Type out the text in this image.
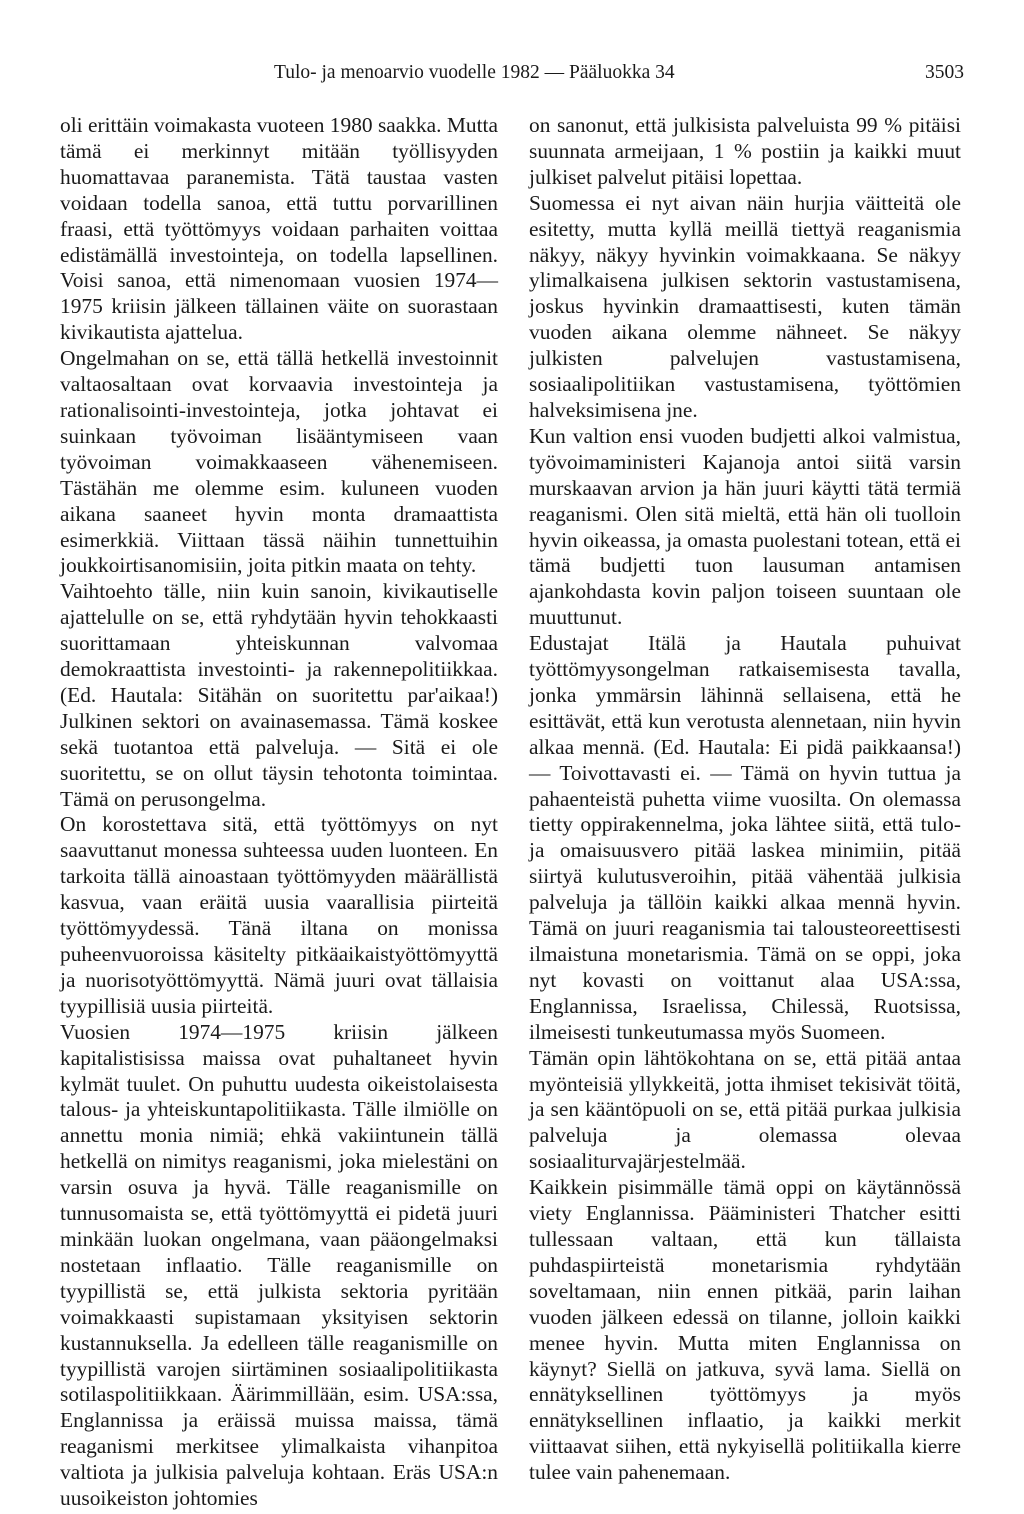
Tulo- ja menoarvio vuodelle 1982 — Pääluokka 34	3503

oli erittäin voimakasta vuoteen 1980 saakka. Mutta tämä ei merkinnyt mitään työllisyyden huomattavaa paranemista. Tätä taustaa vasten voidaan todella sanoa, että tuttu porvarillinen fraasi, että työttömyys voidaan parhaiten voittaa edistämällä investointeja, on todella lapsellinen. Voisi sanoa, että nimenomaan vuosien 1974—1975 kriisin jälkeen tällainen väite on suorastaan kivikautista ajattelua.

Ongelmahan on se, että tällä hetkellä investoinnit valtaosaltaan ovat korvaavia investointeja ja rationalisointi-investointeja, jotka johtavat ei suinkaan työvoiman lisääntymiseen vaan työvoiman voimakkaaseen vähenemiseen. Tästähän me olemme esim. kuluneen vuoden aikana saaneet hyvin monta dramaattista esimerkkiä. Viittaan tässä näihin tunnettuihin joukkoirtisanomisiin, joita pitkin maata on tehty.

Vaihtoehto tälle, niin kuin sanoin, kivikautiselle ajattelulle on se, että ryhdytään hyvin tehokkaasti suorittamaan yhteiskunnan valvomaa demokraattista investointi- ja rakennepolitiikkaa. (Ed. Hautala: Sitähän on suoritettu par'aikaa!) Julkinen sektori on avainasemassa. Tämä koskee sekä tuotantoa että palveluja. — Sitä ei ole suoritettu, se on ollut täysin tehotonta toimintaa. Tämä on perusongelma.

On korostettava sitä, että työttömyys on nyt saavuttanut monessa suhteessa uuden luonteen. En tarkoita tällä ainoastaan työttömyyden määrällistä kasvua, vaan eräitä uusia vaarallisia piirteitä työttömyydessä. Tänä iltana on monissa puheenvuoroissa käsitelty pitkäaikaistyöttömyyttä ja nuorisotyöttömyyttä. Nämä juuri ovat tällaisia tyypillisiä uusia piirteitä.

Vuosien 1974—1975 kriisin jälkeen kapitalistisissa maissa ovat puhaltaneet hyvin kylmät tuulet. On puhuttu uudesta oikeistolaisesta talous- ja yhteiskuntapolitiikasta. Tälle ilmiölle on annettu monia nimiä; ehkä vakiintunein tällä hetkellä on nimitys reaganismi, joka mielestäni on varsin osuva ja hyvä. Tälle reaganismille on tunnusomaista se, että työttömyyttä ei pidetä juuri minkään luokan ongelmana, vaan pääongelmaksi nostetaan inflaatio. Tälle reaganismille on tyypillistä se, että julkista sektoria pyritään voimakkaasti supistamaan yksityisen sektorin kustannuksella. Ja edelleen tälle reaganismille on tyypillistä varojen siirtäminen sosiaalipolitiikasta sotilaspolitiikkaan. Äärimmillään, esim. USA:ssa, Englannissa ja eräissä muissa maissa, tämä reaganismi merkitsee ylimalkaista vihanpitoa valtiota ja julkisia palveluja kohtaan. Eräs USA:n uusoikeiston johtomies

on sanonut, että julkisista palveluista 99 % pitäisi suunnata armeijaan, 1 % postiin ja kaikki muut julkiset palvelut pitäisi lopettaa.

Suomessa ei nyt aivan näin hurjia väitteitä ole esitetty, mutta kyllä meillä tiettyä reaganismia näkyy, näkyy hyvinkin voimakkaana. Se näkyy ylimalkaisena julkisen sektorin vastustamisena, joskus hyvinkin dramaattisesti, kuten tämän vuoden aikana olemme nähneet. Se näkyy julkisten palvelujen vastustamisena, sosiaalipolitiikan vastustamisena, työttömien halveksimisena jne.

Kun valtion ensi vuoden budjetti alkoi valmistua, työvoimaministeri Kajanoja antoi siitä varsin murskaavan arvion ja hän juuri käytti tätä termiä reaganismi. Olen sitä mieltä, että hän oli tuolloin hyvin oikeassa, ja omasta puolestani totean, että ei tämä budjetti tuon lausuman antamisen ajankohdasta kovin paljon toiseen suuntaan ole muuttunut.

Edustajat Itälä ja Hautala puhuivat työttömyysongelman ratkaisemisesta tavalla, jonka ymmärsin lähinnä sellaisena, että he esittävät, että kun verotusta alennetaan, niin hyvin alkaa mennä. (Ed. Hautala: Ei pidä paikkaansa!) — Toivottavasti ei. — Tämä on hyvin tuttua ja pahaenteistä puhetta viime vuosilta. On olemassa tietty oppirakennelma, joka lähtee siitä, että tulo- ja omaisuusvero pitää laskea minimiin, pitää siirtyä kulutusveroihin, pitää vähentää julkisia palveluja ja tällöin kaikki alkaa mennä hyvin. Tämä on juuri reaganismia tai talousteoreettisesti ilmaistuna monetarismia. Tämä on se oppi, joka nyt kovasti on voittanut alaa USA:ssa, Englannissa, Israelissa, Chilessä, Ruotsissa, ilmeisesti tunkeutumassa myös Suomeen.

Tämän opin lähtökohtana on se, että pitää antaa myönteisiä yllykkeitä, jotta ihmiset tekisivät töitä, ja sen kääntöpuoli on se, että pitää purkaa julkisia palveluja ja olemassa olevaa sosiaaliturvajärjestelmää.

Kaikkein pisimmälle tämä oppi on käytännössä viety Englannissa. Pääministeri Thatcher esitti tullessaan valtaan, että kun tällaista puhdaspiirteistä monetarismia ryhdytään soveltamaan, niin ennen pitkää, parin laihan vuoden jälkeen edessä on tilanne, jolloin kaikki menee hyvin. Mutta miten Englannissa on käynyt? Siellä on jatkuva, syvä lama. Siellä on ennätyksellinen työttömyys ja myös ennätyksellinen inflaatio, ja kaikki merkit viittaavat siihen, että nykyisellä politiikalla kierre tulee vain pahenemaan.
